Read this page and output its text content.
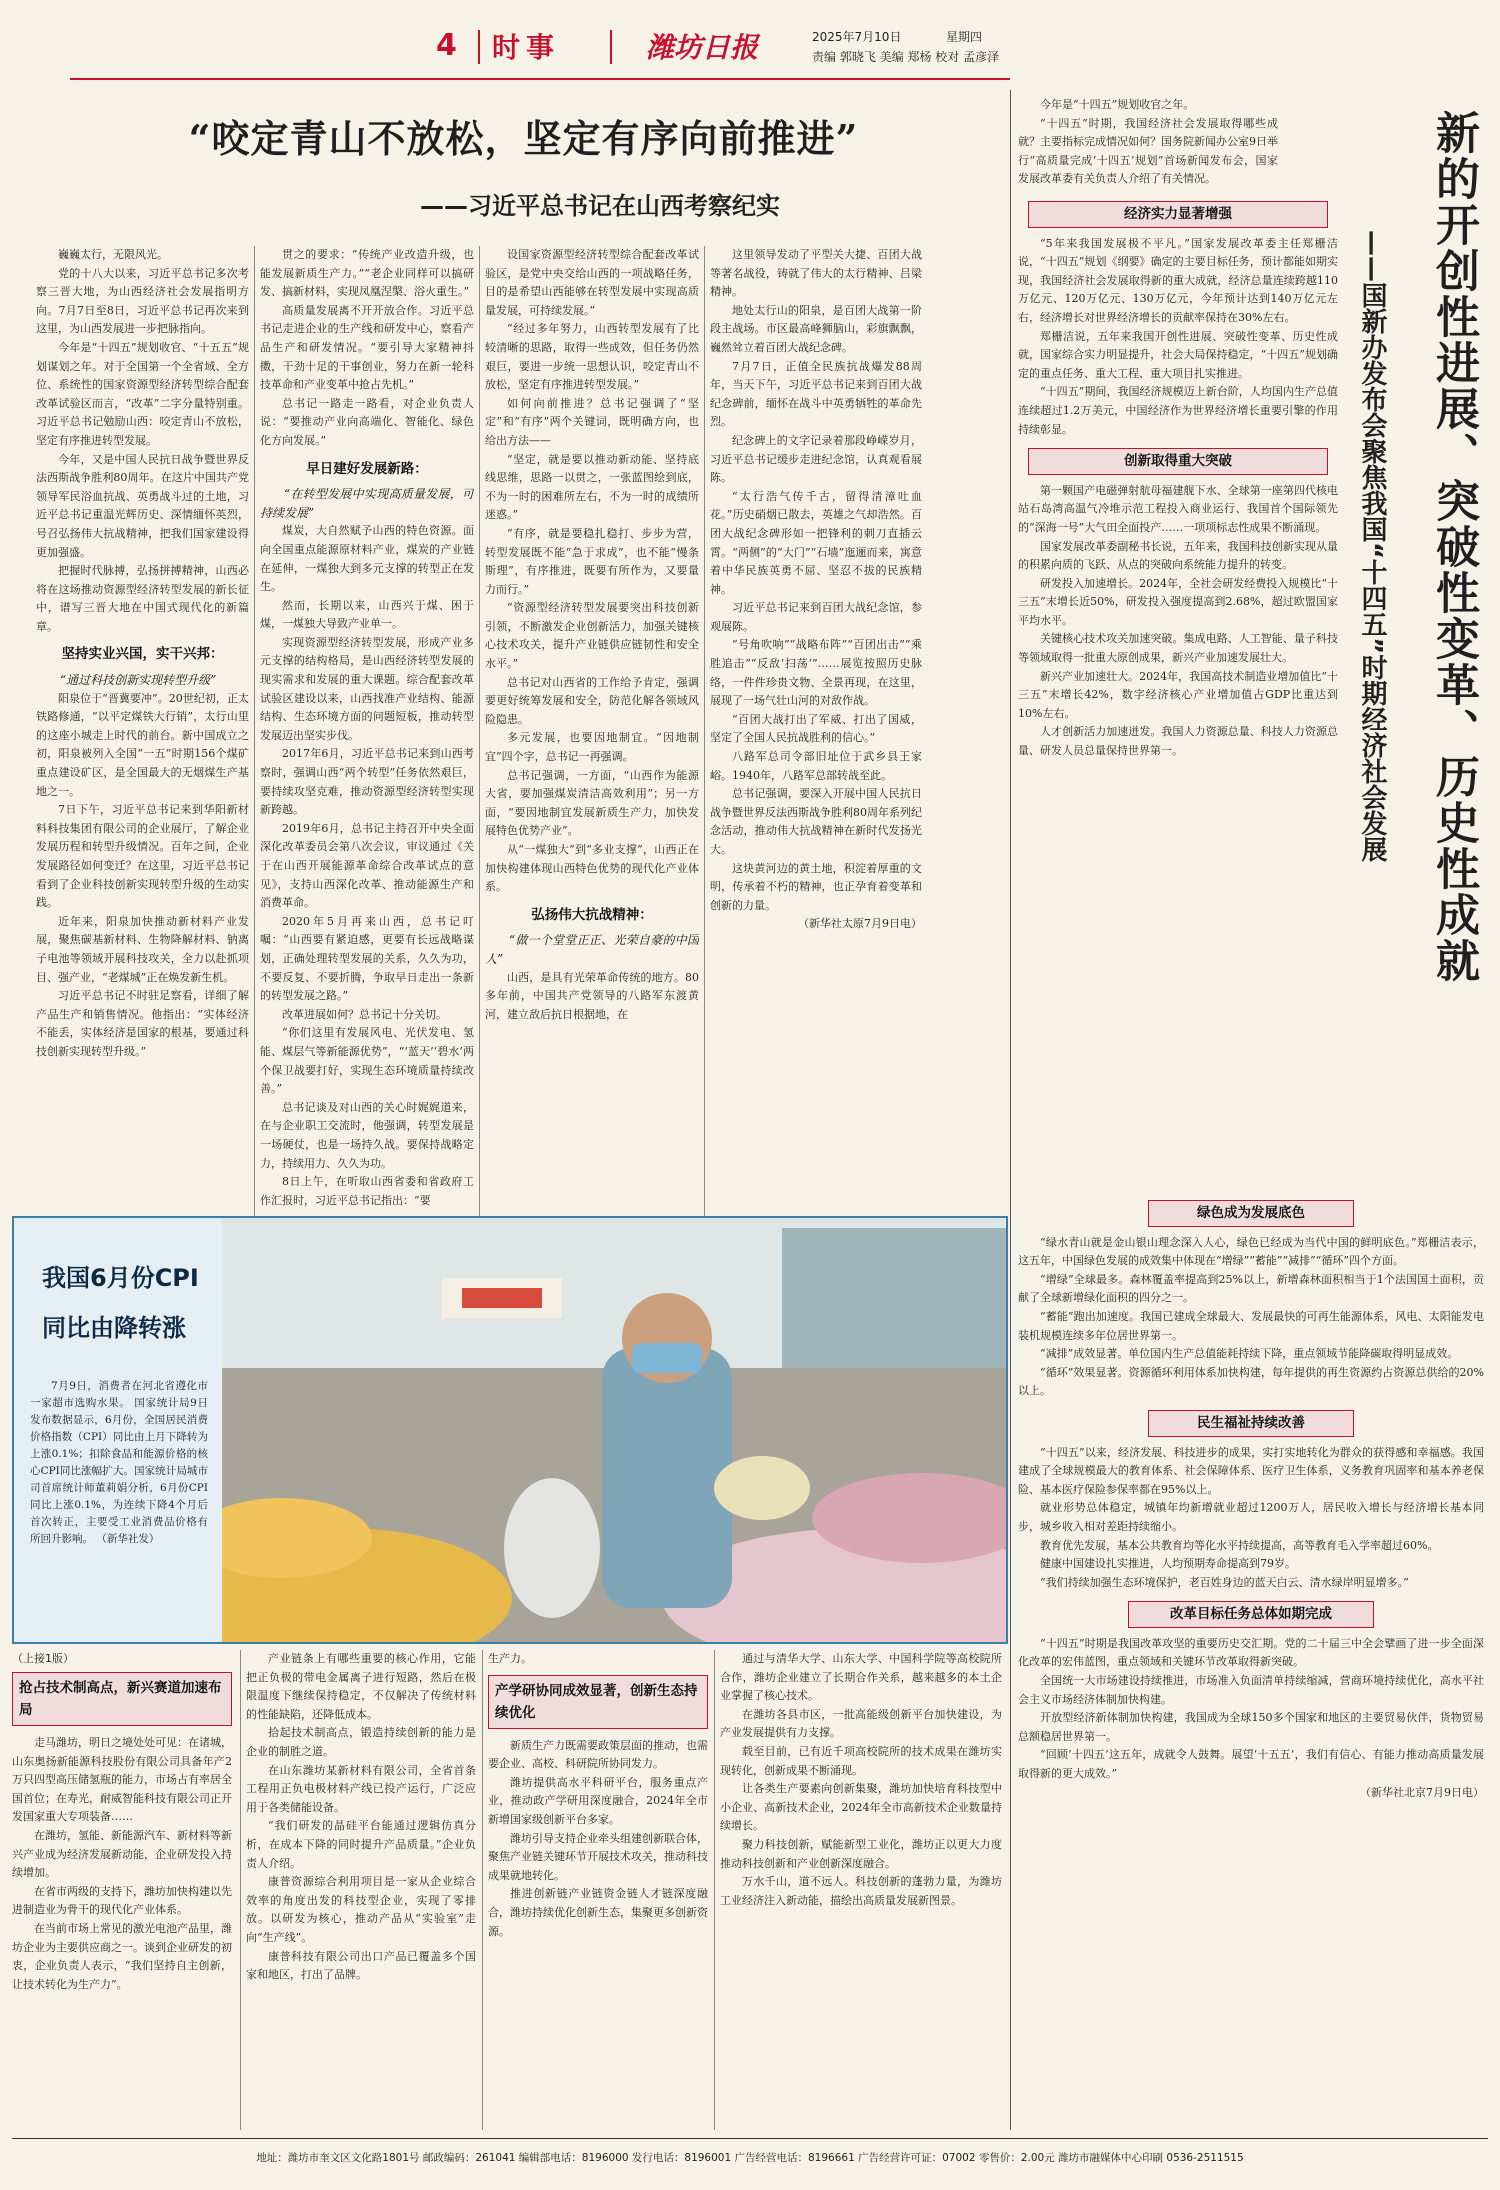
4 时事	潍坊日报	2025年7月10日	星期四
责编 郭晓飞 美编 郑杨 校对 孟彦泽
“咬定青山不放松，坚定有序向前推进”
——习近平总书记在山西考察纪实

巍巍太行，无限风光。

党的十八大以来，习近平总书记多次考察三晋大地，为山西经济社会发展指明方向。7月7日至8日，习近平总书记再次来到这里，为山西发展进一步把脉指向。

今年是“十四五”规划收官、“十五五”规划谋划之年。对于全国第一个全省域、全方位、系统性的国家资源型经济转型综合配套改革试验区而言，“改革”二字分量特别重。习近平总书记勉励山西：咬定青山不放松，坚定有序推进转型发展。

今年，又是中国人民抗日战争暨世界反法西斯战争胜利80周年。在这片中国共产党领导军民浴血抗战、英勇战斗过的土地，习近平总书记重温光辉历史、深情缅怀英烈，号召弘扬伟大抗战精神，把我们国家建设得更加强盛。

把握时代脉搏，弘扬拼搏精神，山西必将在这场推动资源型经济转型发展的新长征中，谱写三晋大地在中国式现代化的新篇章。

坚持实业兴国，实干兴邦：

“通过科技创新实现转型升级”

阳泉位于“晋冀要冲”。20世纪初，正太铁路修通，“以平定煤铁大行销”，太行山里的这座小城走上时代的前台。新中国成立之初，阳泉被列入全国“一五”时期156个煤矿重点建设矿区，是全国最大的无烟煤生产基地之一。

7日下午，习近平总书记来到华阳新材料科技集团有限公司的企业展厅，了解企业发展历程和转型升级情况。百年之间，企业发展路径如何变迁？在这里，习近平总书记看到了企业科技创新实现转型升级的生动实践。

近年来，阳泉加快推动新材料产业发展，聚焦碳基新材料、生物降解材料、钠离子电池等领域开展科技攻关，全力以赴抓项目、强产业，“老煤城”正在焕发新生机。

习近平总书记不时驻足察看，详细了解产品生产和销售情况。他指出：“实体经济不能丢，实体经济是国家的根基，要通过科技创新实现转型升级。”

贯之的要求：“传统产业改造升级，也能发展新质生产力。”“老企业同样可以搞研发、搞新材料，实现凤凰涅槃、浴火重生。”

高质量发展离不开开放合作。习近平总书记走进企业的生产线和研发中心，察看产品生产和研发情况。“要引导大家精神抖擞，干劲十足的干事创业，努力在新一轮科技革命和产业变革中抢占先机。”

总书记一路走一路看，对企业负责人说：“要推动产业向高端化、智能化、绿色化方向发展。”

早日建好发展新路：

“在转型发展中实现高质量发展，可持续发展”

煤炭，大自然赋予山西的特色资源。面向全国重点能源原材料产业，煤炭的产业链在延伸，一煤独大到多元支撑的转型正在发生。

然而，长期以来，山西兴于煤、困于煤，一煤独大导致产业单一。

实现资源型经济转型发展，形成产业多元支撑的结构格局，是山西经济转型发展的现实需求和发展的重大课题。综合配套改革试验区建设以来，山西找准产业结构、能源结构、生态环境方面的问题短板，推动转型发展迈出坚实步伐。

2017年6月，习近平总书记来到山西考察时，强调山西“两个转型”任务依然艰巨，要持续攻坚克难，推动资源型经济转型实现新跨越。

2019年6月，总书记主持召开中央全面深化改革委员会第八次会议，审议通过《关于在山西开展能源革命综合改革试点的意见》，支持山西深化改革、推动能源生产和消费革命。

2020年5月再来山西，总书记叮嘱：“山西要有紧迫感，更要有长远战略谋划，正确处理转型发展的关系，久久为功，不要反复、不要折腾，争取早日走出一条新的转型发展之路。”

改革进展如何？总书记十分关切。

“你们这里有发展风电、光伏发电、氢能、煤层气等新能源优势”，“‘蓝天’‘碧水’两个保卫战要打好，实现生态环境质量持续改善。”

总书记谈及对山西的关心时娓娓道来，在与企业职工交流时，他强调，转型发展是一场硬仗，也是一场持久战。要保持战略定力，持续用力、久久为功。

8日上午，在听取山西省委和省政府工作汇报时，习近平总书记指出：“要

设国家资源型经济转型综合配套改革试验区，是党中央交给山西的一项战略任务，目的是希望山西能够在转型发展中实现高质量发展，可持续发展。”

“经过多年努力，山西转型发展有了比较清晰的思路，取得一些成效，但任务仍然艰巨，要进一步统一思想认识，咬定青山不放松，坚定有序推进转型发展。”

如何向前推进？总书记强调了“坚定”和“有序”两个关键词，既明确方向，也给出方法——

“坚定，就是要以推动新动能、坚持底线思维，思路一以贯之，一张蓝图绘到底，不为一时的困难所左右，不为一时的成绩所迷惑。”

“有序，就是要稳扎稳打、步步为营，转型发展既不能“急于求成”，也不能“慢条斯理”，有序推进，既要有所作为，又要量力而行。”

“资源型经济转型发展要突出科技创新引领，不断激发企业创新活力，加强关键核心技术攻关，提升产业链供应链韧性和安全水平。”

总书记对山西省的工作给予肯定，强调要更好统筹发展和安全，防范化解各领域风险隐患。

多元发展，也要因地制宜。“因地制宜”四个字，总书记一再强调。

总书记强调，一方面，“山西作为能源大省，要加强煤炭清洁高效利用”；另一方面，“要因地制宜发展新质生产力，加快发展特色优势产业”。

从“一煤独大”到“多业支撑”，山西正在加快构建体现山西特色优势的现代化产业体系。

弘扬伟大抗战精神：

“做一个堂堂正正、光荣自豪的中国人”

山西，是具有光荣革命传统的地方。80多年前，中国共产党领导的八路军东渡黄河，建立敌后抗日根据地，在

这里领导发动了平型关大捷、百团大战等著名战役，铸就了伟大的太行精神、吕梁精神。

地处太行山的阳泉，是百团大战第一阶段主战场。市区最高峰狮脑山，彩旗飘飘，巍然耸立着百团大战纪念碑。

7月7日，正值全民族抗战爆发88周年，当天下午，习近平总书记来到百团大战纪念碑前，缅怀在战斗中英勇牺牲的革命先烈。

纪念碑上的文字记录着那段峥嵘岁月，习近平总书记缓步走进纪念馆，认真观看展陈。

“太行浩气传千古，留得清漳吐血花。”历史硝烟已散去，英雄之气却浩然。百团大战纪念碑形如一把锋利的刺刀直插云霄。“两侧”的“大门”“石墙”迤逦而来，寓意着中华民族英勇不屈、坚忍不拔的民族精神。

习近平总书记来到百团大战纪念馆，参观展陈。

“号角吹响”“战略布阵”“百团出击”“乘胜追击”“反敌‘扫荡’”……展览按照历史脉络，一件件珍贵文物、全景再现，在这里，展现了一场气壮山河的对敌作战。

“百团大战打出了军威、打出了国威，坚定了全国人民抗战胜利的信心。”

八路军总司令部旧址位于武乡县王家峪。1940年，八路军总部转战至此。

总书记强调，要深入开展中国人民抗日战争暨世界反法西斯战争胜利80周年系列纪念活动，推动伟大抗战精神在新时代发扬光大。

这块黄河边的黄土地，积淀着厚重的文明，传承着不朽的精神，也正孕育着变革和创新的力量。

（新华社太原7月9日电）

我国6月份CPI
同比由降转涨
7月9日，消费者在河北省遵化市一家超市选购水果。 国家统计局9日发布数据显示，6月份，全国居民消费价格指数（CPI）同比由上月下降转为上涨0.1%；扣除食品和能源价格的核心CPI同比涨幅扩大。国家统计局城市司首席统计师董莉娟分析，6月份CPI同比上涨0.1%，为连续下降4个月后首次转正，主要受工业消费品价格有所回升影响。 （新华社发）
（上接1版）
抢占技术制高点，新兴赛道加速布局

走马潍坊，明日之境处处可见：在诸城，山东奥扬新能源科技股份有限公司具备年产2万只四型高压储氢瓶的能力，市场占有率居全国首位；在寿光，耐威智能科技有限公司正开发国家重大专项装备……

在潍坊，氢能、新能源汽车、新材料等新兴产业成为经济发展新动能，企业研发投入持续增加。

在省市两级的支持下，潍坊加快构建以先进制造业为骨干的现代化产业体系。

在当前市场上常见的激光电池产品里，潍坊企业为主要供应商之一。谈到企业研发的初衷，企业负责人表示，“我们坚持自主创新，让技术转化为生产力”。

产业链条上有哪些重要的核心作用，它能把正负极的带电金属离子进行短路，然后在极限温度下继续保持稳定，不仅解决了传统材料的性能缺陷，还降低成本。

拾起技术制高点，锻造持续创新的能力是企业的制胜之道。

在山东潍坊某新材料有限公司，全省首条工程用正负电极材料产线已投产运行，广泛应用于各类储能设备。

“我们研发的晶硅平台能通过逻辑仿真分析，在成本下降的同时提升产品质量。”企业负责人介绍。

康普资源综合利用项目是一家从企业综合效率的角度出发的科技型企业，实现了零排放。以研发为核心，推动产品从“实验室”走向“生产线”。

康普科技有限公司出口产品已覆盖多个国家和地区，打出了品牌。

生产力。

产学研协同成效显著，创新生态持续优化

新质生产力既需要政策层面的推动，也需要企业、高校、科研院所协同发力。

潍坊提供高水平科研平台，服务重点产业，推动政产学研用深度融合，2024年全市新增国家级创新平台多家。

潍坊引导支持企业牵头组建创新联合体，聚焦产业链关键环节开展技术攻关，推动科技成果就地转化。

推进创新链产业链资金链人才链深度融合，潍坊持续优化创新生态，集聚更多创新资源。

通过与清华大学、山东大学、中国科学院等高校院所合作，潍坊企业建立了长期合作关系，越来越多的本土企业掌握了核心技术。

在潍坊各县市区，一批高能级创新平台加快建设，为产业发展提供有力支撑。

载至目前，已有近千项高校院所的技术成果在潍坊实现转化，创新成果不断涌现。

让各类生产要素向创新集聚，潍坊加快培育科技型中小企业、高新技术企业，2024年全市高新技术企业数量持续增长。

聚力科技创新，赋能新型工业化，潍坊正以更大力度推动科技创新和产业创新深度融合。

万水千山，道不远人。科技创新的蓬勃力量，为潍坊工业经济注入新动能，描绘出高质量发展新图景。

今年是“十四五”规划收官之年。

“十四五”时期，我国经济社会发展取得哪些成就？主要指标完成情况如何？国务院新闻办公室9日举行“高质量完成‘十四五’规划”首场新闻发布会，国家发展改革委有关负责人介绍了有关情况。	新的开创性进展、突破性变革、历史性成就
——国新办发布会聚焦我国“十四五”时期经济社会发展
经济实力显著增强

“5年来我国发展极不平凡。”国家发展改革委主任郑栅洁说，“十四五”规划《纲要》确定的主要目标任务，预计都能如期实现，我国经济社会发展取得新的重大成就，经济总量连续跨越110万亿元、120万亿元、130万亿元，今年预计达到140万亿元左右，经济增长对世界经济增长的贡献率保持在30%左右。

郑栅洁说，五年来我国开创性进展、突破性变革、历史性成就，国家综合实力明显提升，社会大局保持稳定，“十四五”规划确定的重点任务、重大工程、重大项目扎实推进。

“十四五”期间，我国经济规模迈上新台阶，人均国内生产总值连续超过1.2万美元，中国经济作为世界经济增长重要引擎的作用持续彰显。

创新取得重大突破

第一颗国产电磁弹射航母福建舰下水、全球第一座第四代核电站石岛湾高温气冷堆示范工程投入商业运行、我国首个国际领先的“深海一号”大气田全面投产……一项项标志性成果不断涌现。

国家发展改革委副秘书长说，五年来，我国科技创新实现从量的积累向质的飞跃、从点的突破向系统能力提升的转变。

研发投入加速增长。2024年，全社会研发经费投入规模比“十三五”末增长近50%，研发投入强度提高到2.68%，超过欧盟国家平均水平。

关键核心技术攻关加速突破。集成电路、人工智能、量子科技等领域取得一批重大原创成果，新兴产业加速发展壮大。

新兴产业加速壮大。2024年，我国高技术制造业增加值比“十三五”末增长42%，数字经济核心产业增加值占GDP比重达到10%左右。

人才创新活力加速迸发。我国人力资源总量、科技人力资源总量、研发人员总量保持世界第一。

绿色成为发展底色

“绿水青山就是金山银山理念深入人心，绿色已经成为当代中国的鲜明底色。”郑栅洁表示，这五年，中国绿色发展的成效集中体现在“增绿”“蓄能”“减排”“循环”四个方面。

“增绿”全球最多。森林覆盖率提高到25%以上，新增森林面积相当于1个法国国土面积，贡献了全球新增绿化面积的四分之一。

“蓄能”跑出加速度。我国已建成全球最大、发展最快的可再生能源体系，风电、太阳能发电装机规模连续多年位居世界第一。

“减排”成效显著。单位国内生产总值能耗持续下降，重点领域节能降碳取得明显成效。

“循环”效果显著。资源循环利用体系加快构建，每年提供的再生资源约占资源总供给的20%以上。

民生福祉持续改善

“十四五”以来，经济发展、科技进步的成果，实打实地转化为群众的获得感和幸福感。我国建成了全球规模最大的教育体系、社会保障体系、医疗卫生体系，义务教育巩固率和基本养老保险、基本医疗保险参保率都在95%以上。

就业形势总体稳定，城镇年均新增就业超过1200万人，居民收入增长与经济增长基本同步，城乡收入相对差距持续缩小。

教育优先发展，基本公共教育均等化水平持续提高，高等教育毛入学率超过60%。

健康中国建设扎实推进，人均预期寿命提高到79岁。

“我们持续加强生态环境保护，老百姓身边的蓝天白云、清水绿岸明显增多。”

改革目标任务总体如期完成

“十四五”时期是我国改革攻坚的重要历史交汇期。党的二十届三中全会擘画了进一步全面深化改革的宏伟蓝图，重点领域和关键环节改革取得新突破。

全国统一大市场建设持续推进，市场准入负面清单持续缩减，营商环境持续优化，高水平社会主义市场经济体制加快构建。

开放型经济新体制加快构建，我国成为全球150多个国家和地区的主要贸易伙伴，货物贸易总额稳居世界第一。

“回顾‘十四五’这五年，成就令人鼓舞。展望‘十五五’，我们有信心、有能力推动高质量发展取得新的更大成效。”

（新华社北京7月9日电）

地址：潍坊市奎文区文化路1801号 邮政编码：261041 编辑部电话：8196000 发行电话：8196001 广告经营电话：8196661 广告经营许可证：07002 零售价：2.00元 潍坊市融媒体中心印刷 0536-2511515
